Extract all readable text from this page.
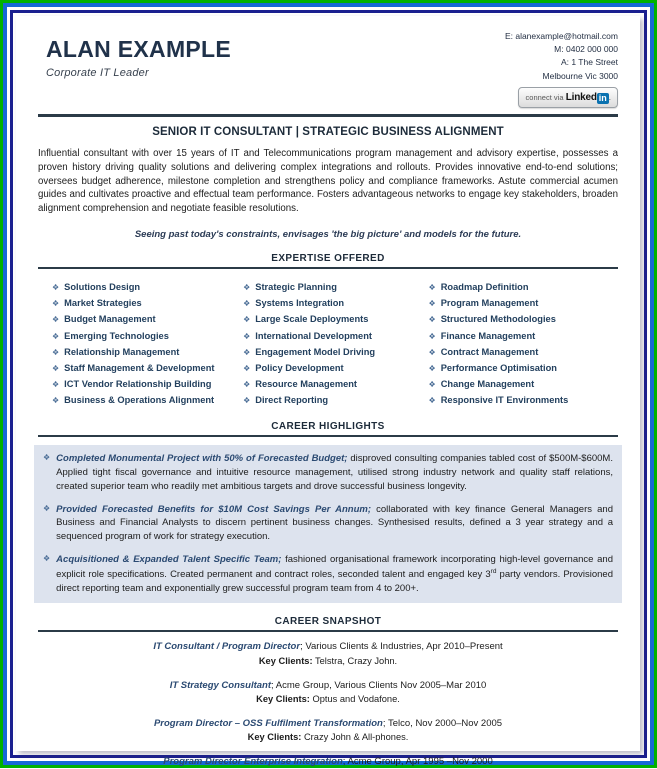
ALAN EXAMPLE
Corporate IT Leader
E: alanexample@hotmail.com
M: 0402 000 000
A: 1 The Street
Melbourne Vic 3000
connect via Linked in .
SENIOR IT CONSULTANT | STRATEGIC BUSINESS ALIGNMENT

Influential consultant with over 15 years of IT and Telecommunications program management and advisory expertise, possesses a proven history driving quality solutions and delivering complex integrations and rollouts. Provides innovative end-to-end solutions; oversees budget adherence, milestone completion and strengthens policy and compliance frameworks. Astute commercial acumen guides and cultivates proactive and effectual team performance. Fosters advantageous networks to engage key stakeholders, broaden alignment comprehension and negotiate feasible resolutions.

Seeing past today's constraints, envisages 'the big picture' and models for the future.

EXPERTISE OFFERED
❖ Solutions Design	❖ Strategic Planning	❖ Roadmap Definition
❖ Market Strategies	❖ Systems Integration	❖ Program Management
❖ Budget Management	❖ Large Scale Deployments	❖ Structured Methodologies
❖ Emerging Technologies	❖ International Development	❖ Finance Management
❖ Relationship Management	❖ Engagement Model Driving	❖ Contract Management
❖ Staff Management & Development	❖ Policy Development	❖ Performance Optimisation
❖ ICT Vendor Relationship Building	❖ Resource Management	❖ Change Management
❖ Business & Operations Alignment	❖ Direct Reporting	❖ Responsive IT Environments
CAREER HIGHLIGHTS
❖ Completed Monumental Project with 50% of Forecasted Budget; disproved consulting companies tabled cost of $500M-$600M. Applied tight fiscal governance and intuitive resource management, utilised strong industry network and quality staff relations, created superior team who readily met ambitious targets and drove successful business longevity.
❖ Provided Forecasted Benefits for $10M Cost Savings Per Annum; collaborated with key finance General Managers and Business and Financial Analysts to discern pertinent business changes. Synthesised results, defined a 3 year strategy and a sequenced program of work for strategy execution.
❖ Acquisitioned & Expanded Talent Specific Team; fashioned organisational framework incorporating high-level governance and explicit role specifications. Created permanent and contract roles, seconded talent and engaged key 3rd party vendors. Provisioned direct reporting team and exponentially grew successful program team from 4 to 200+.
CAREER SNAPSHOT
IT Consultant / Program Director; Various Clients & Industries, Apr 2010–Present
Key Clients: Telstra, Crazy John.
IT Strategy Consultant; Acme Group, Various Clients Nov 2005–Mar 2010
Key Clients: Optus and Vodafone.
Program Director – OSS Fulfilment Transformation; Telco, Nov 2000–Nov 2005
Key Clients: Crazy John & All-phones.
Program Director Enterprise Integration; Acme Group, Apr 1995 –Nov 2000
